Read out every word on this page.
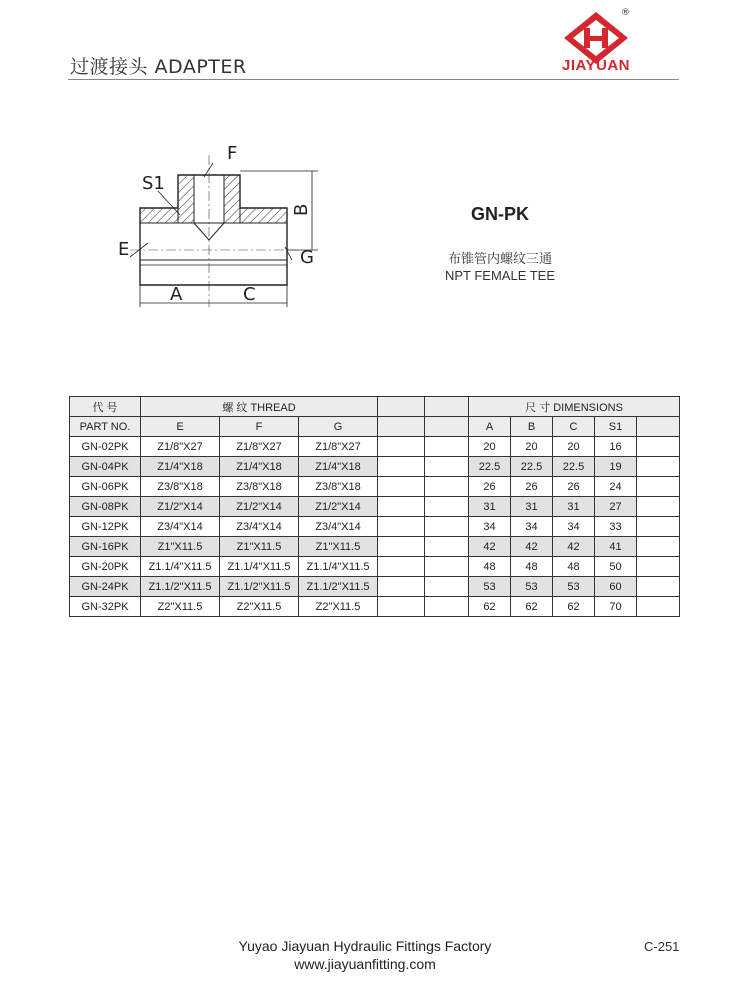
过渡接头 ADAPTER
®
JIAYUAN
F
S1
B
E	G
A	C
GN-PK
布锥管内螺纹三通
NPT FEMALE TEE
代 号	螺 纹 THREAD					尺 寸 DIMENSIONS				
PART NO.	E	F	G			A	B	C	S1	
GN-02PK	Z1/8"X27	Z1/8"X27	Z1/8"X27			20	20	20	16	
GN-04PK	Z1/4"X18	Z1/4"X18	Z1/4"X18			22.5	22.5	22.5	19	
GN-06PK	Z3/8"X18	Z3/8"X18	Z3/8"X18			26	26	26	24	
GN-08PK	Z1/2"X14	Z1/2"X14	Z1/2"X14			31	31	31	27	
GN-12PK	Z3/4"X14	Z3/4"X14	Z3/4"X14			34	34	34	33	
GN-16PK	Z1"X11.5	Z1"X11.5	Z1"X11.5			42	42	42	41	
GN-20PK	Z1.1/4"X11.5	Z1.1/4"X11.5	Z1.1/4"X11.5			48	48	48	50	
GN-24PK	Z1.1/2"X11.5	Z1.1/2"X11.5	Z1.1/2"X11.5			53	53	53	60	
GN-32PK	Z2"X11.5	Z2"X11.5	Z2"X11.5			62	62	62	70	
Yuyao Jiayuan Hydraulic Fittings Factory
www.jiayuanfitting.com
C-251
